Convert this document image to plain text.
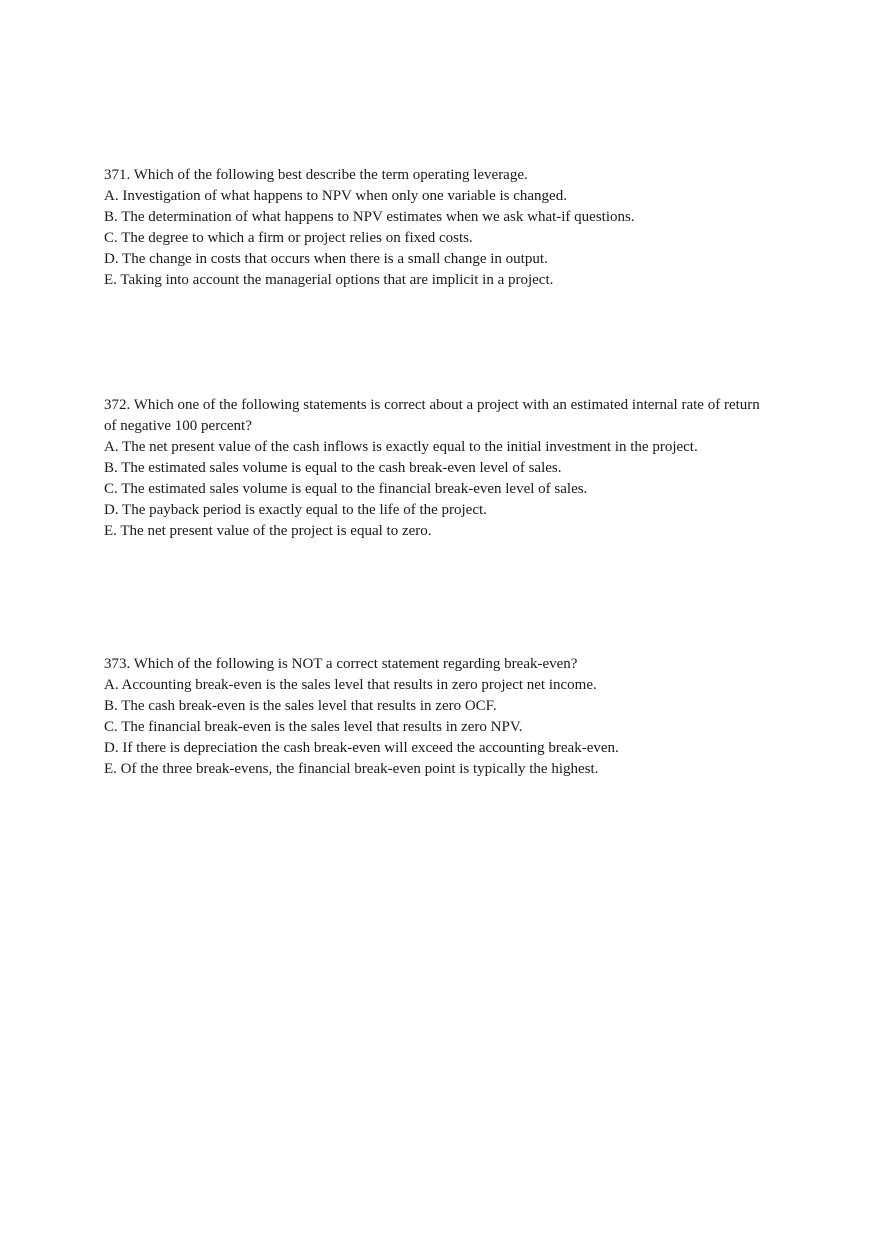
371. Which of the following best describe the term operating leverage.

A. Investigation of what happens to NPV when only one variable is changed.

B. The determination of what happens to NPV estimates when we ask what-if questions.

C. The degree to which a firm or project relies on fixed costs.

D. The change in costs that occurs when there is a small change in output.

E. Taking into account the managerial options that are implicit in a project.

372. Which one of the following statements is correct about a project with an estimated internal rate of return of negative 100 percent?

A. The net present value of the cash inflows is exactly equal to the initial investment in the project.

B. The estimated sales volume is equal to the cash break-even level of sales.

C. The estimated sales volume is equal to the financial break-even level of sales.

D. The payback period is exactly equal to the life of the project.

E. The net present value of the project is equal to zero.

373. Which of the following is NOT a correct statement regarding break-even?

A. Accounting break-even is the sales level that results in zero project net income.

B. The cash break-even is the sales level that results in zero OCF.

C. The financial break-even is the sales level that results in zero NPV.

D. If there is depreciation the cash break-even will exceed the accounting break-even.

E. Of the three break-evens, the financial break-even point is typically the highest.
